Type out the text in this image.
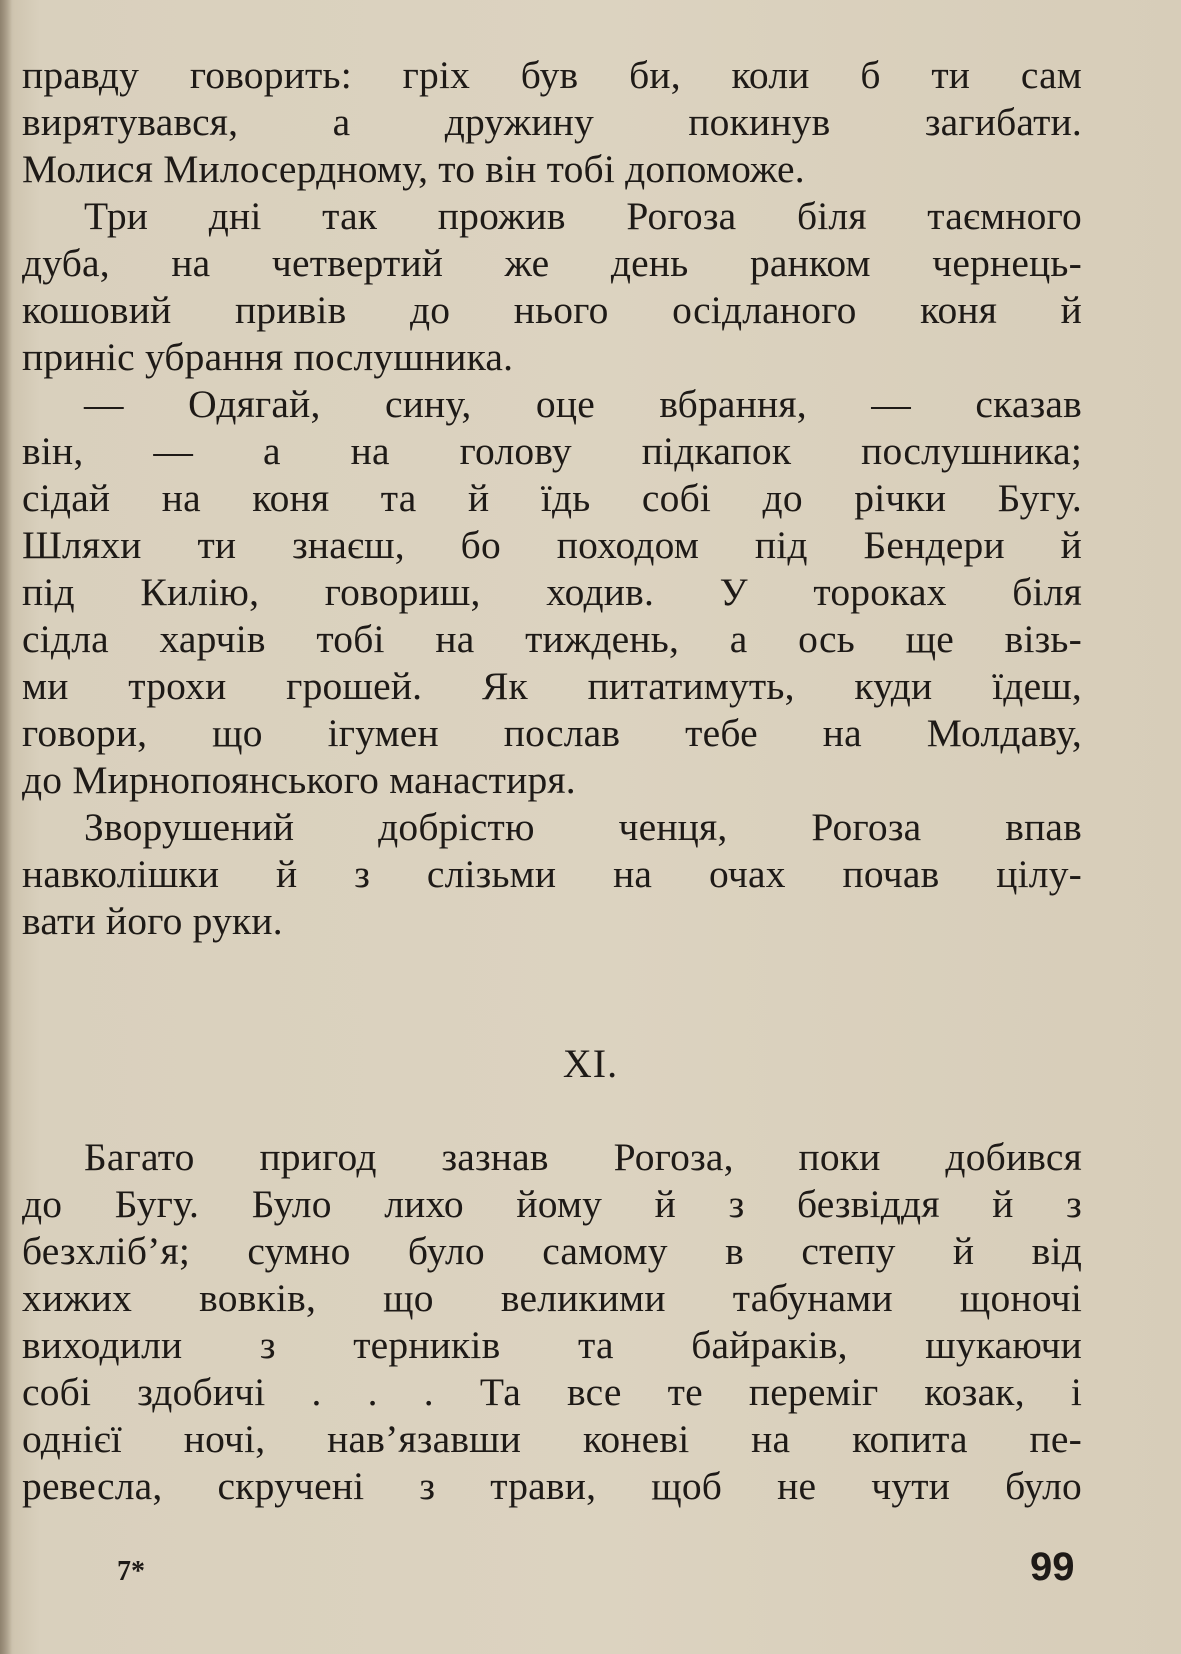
правду говорить: гріх був би, коли б ти сам
вирятувався, а дружину покинув загибати.
Молися Милосердному, то він тобі допоможе.
Три дні так прожив Рогоза біля таємного
дуба, на четвертий же день ранком чернець-
кошовий привів до нього осідланого коня й
приніс убрання послушника.
— Одягай, сину, оце вбрання, — сказав
він, — а на голову підкапок послушника;
сідай на коня та й їдь собі до річки Бугу.
Шляхи ти знаєш, бо походом під Бендери й
під Килію, говориш, ходив. У тороках біля
сідла харчів тобі на тиждень, а ось ще візь-
ми трохи грошей. Як питатимуть, куди їдеш,
говори, що ігумен послав тебе на Молдаву,
до Мирнопоянського манастиря.
Зворушений добрістю ченця, Рогоза впав
навколішки й з слізьми на очах почав цілу-
вати його руки.
XI.
Багато пригод зазнав Рогоза, поки добився
до Бугу. Було лихо йому й з безвіддя й з
безхліб’я; сумно було самому в степу й від
хижих вовків, що великими табунами щоночі
виходили з терників та байраків, шукаючи
собі здобичі . . . Та все те переміг козак, і
однієї ночі, нав’язавши коневі на копита пе-
ревесла, скручені з трави, щоб не чути було
7*	99
